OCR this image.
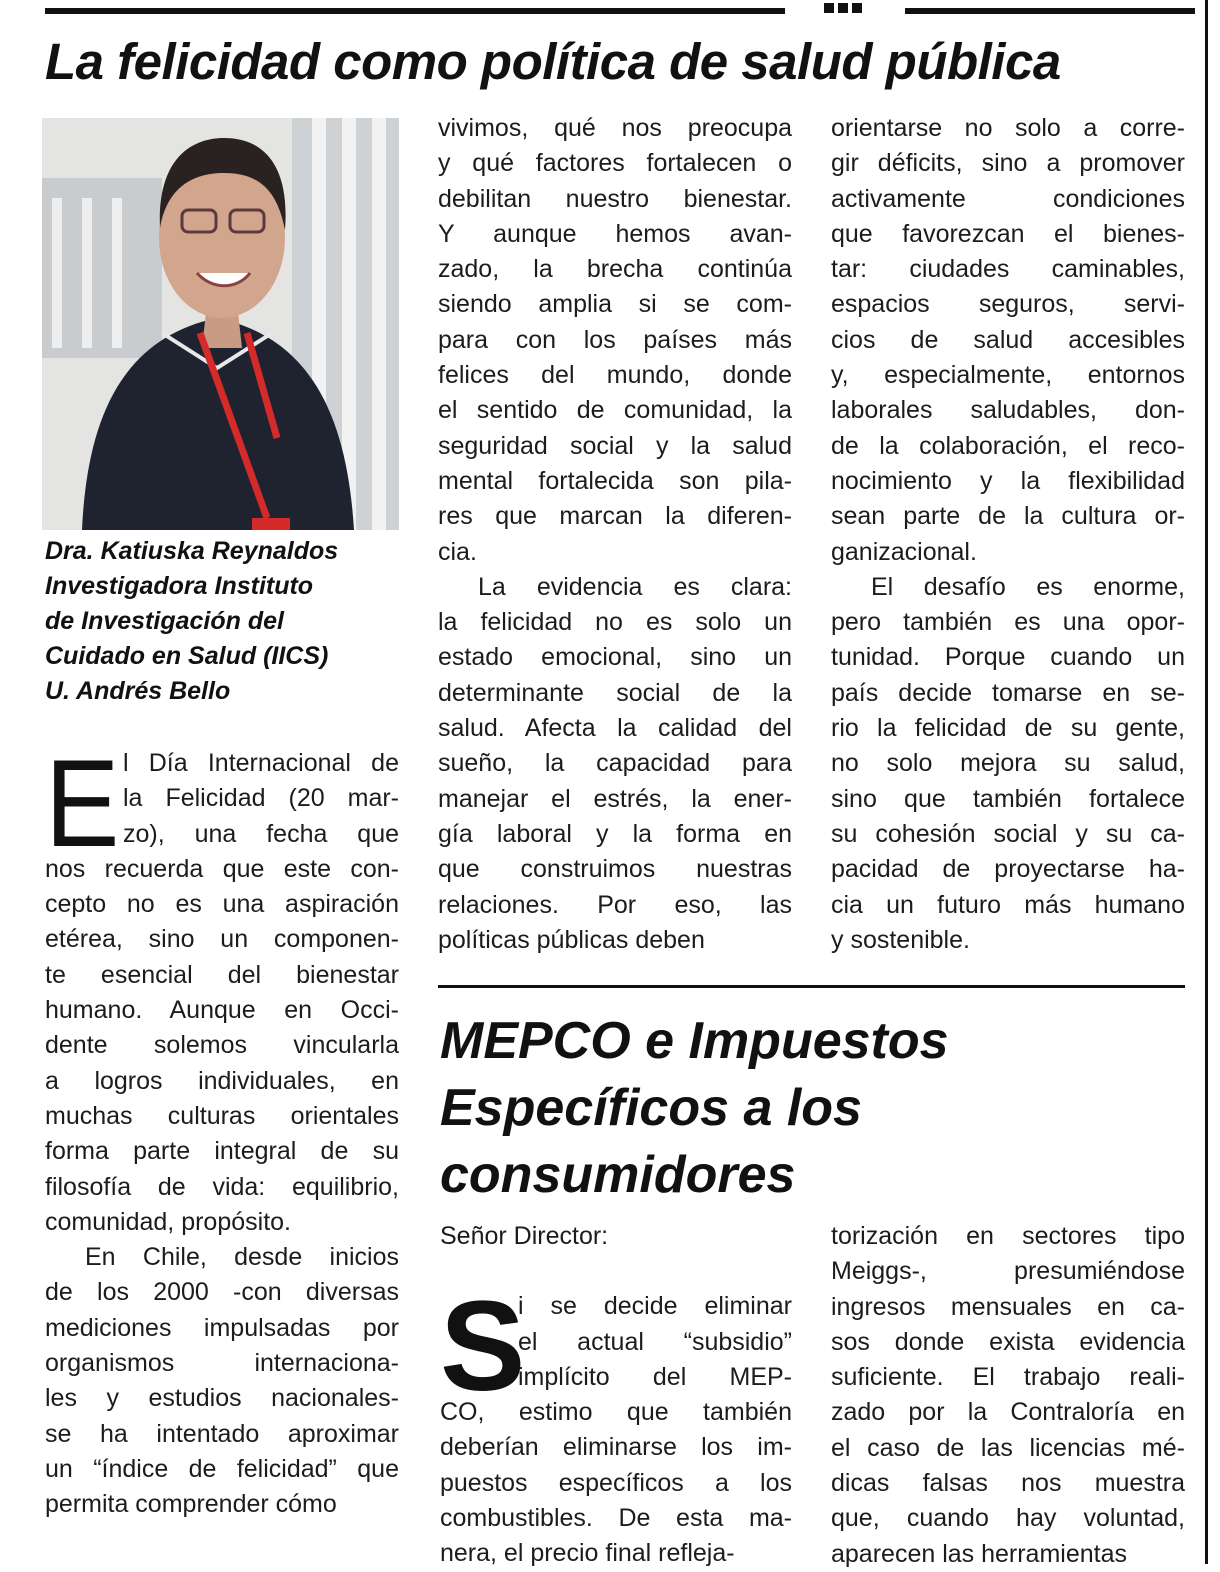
La felicidad como política de salud pública
Dra. Katiuska Reynaldos
Investigadora Instituto
de Investigación del
Cuidado en Salud (IICS)
U. Andrés Bello
E l Día Internacional de
la Felicidad (20 mar-
zo), una fecha que
nos recuerda que este con-
cepto no es una aspiración
etérea, sino un componen-
te esencial del bienestar
humano. Aunque en Occi-
dente solemos vincularla
a logros individuales, en
muchas culturas orientales
forma parte integral de su
filosofía de vida: equilibrio,
comunidad, propósito.
En Chile, desde inicios
de los 2000 -con diversas
mediciones impulsadas por
organismos internaciona-
les y estudios nacionales-
se ha intentado aproximar
un “índice de felicidad” que
permita comprender cómo
vivimos, qué nos preocupa
y qué factores fortalecen o
debilitan nuestro bienestar.
Y aunque hemos avan-
zado, la brecha continúa
siendo amplia si se com-
para con los países más
felices del mundo, donde
el sentido de comunidad, la
seguridad social y la salud
mental fortalecida son pila-
res que marcan la diferen-
cia.
La evidencia es clara:
la felicidad no es solo un
estado emocional, sino un
determinante social de la
salud. Afecta la calidad del
sueño, la capacidad para
manejar el estrés, la ener-
gía laboral y la forma en
que construimos nuestras
relaciones. Por eso, las
políticas públicas deben
orientarse no solo a corre-
gir déficits, sino a promover
activamente condiciones
que favorezcan el bienes-
tar: ciudades caminables,
espacios seguros, servi-
cios de salud accesibles
y, especialmente, entornos
laborales saludables, don-
de la colaboración, el reco-
nocimiento y la flexibilidad
sean parte de la cultura or-
ganizacional.
El desafío es enorme,
pero también es una opor-
tunidad. Porque cuando un
país decide tomarse en se-
rio la felicidad de su gente,
no solo mejora su salud,
sino que también fortalece
su cohesión social y su ca-
pacidad de proyectarse ha-
cia un futuro más humano
y sostenible.
MEPCO e Impuestos
Específicos a los
consumidores
Señor Director:
S
i se decide eliminar
el actual “subsidio”
implícito del MEP-
CO, estimo que también
deberían eliminarse los im-
puestos específicos a los
combustibles. De esta ma-
nera, el precio final refleja-
torización en sectores tipo
Meiggs-, presumiéndose
ingresos mensuales en ca-
sos donde exista evidencia
suficiente. El trabajo reali-
zado por la Contraloría en
el caso de las licencias mé-
dicas falsas nos muestra
que, cuando hay voluntad,
aparecen las herramientas
